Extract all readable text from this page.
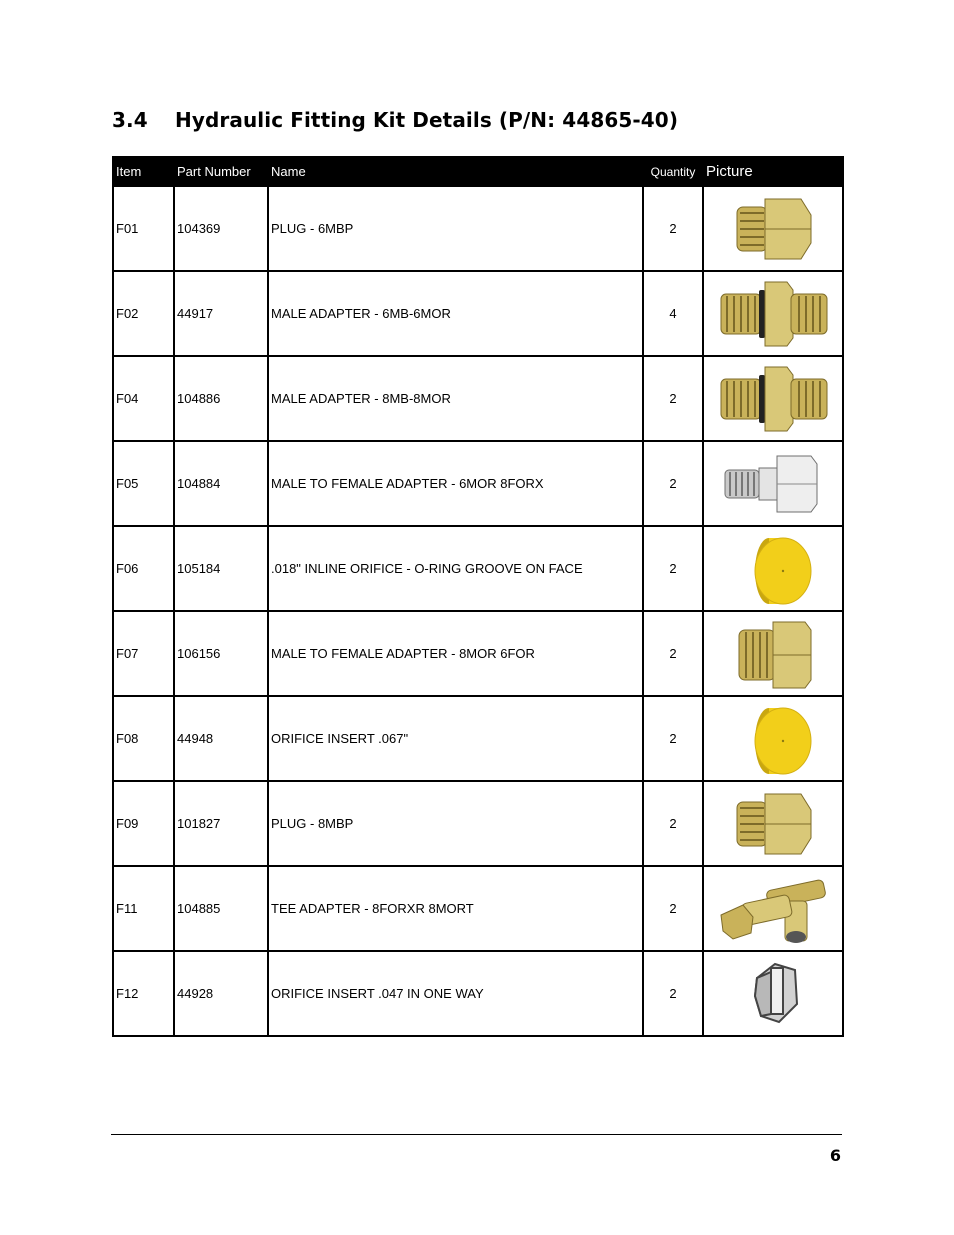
3.4 Hydraulic Fitting Kit Details (P/N: 44865-40)
Item	Part Number	Name	Quantity	Picture
F01	104369	PLUG - 6MBP	2	

F02	44917	MALE ADAPTER - 6MB-6MOR	4	

F04	104886	MALE ADAPTER - 8MB-8MOR	2	

F05	104884	MALE TO FEMALE ADAPTER - 6MOR 8FORX	2	

F06	105184	.018" INLINE ORIFICE - O-RING GROOVE ON FACE	2	

F07	106156	MALE TO FEMALE ADAPTER - 8MOR 6FOR	2	

F08	44948	ORIFICE INSERT .067"	2	

F09	101827	PLUG - 8MBP	2	

F11	104885	TEE ADAPTER - 8FORXR 8MORT	2	

F12	44928	ORIFICE INSERT .047 IN ONE WAY	2	
6
